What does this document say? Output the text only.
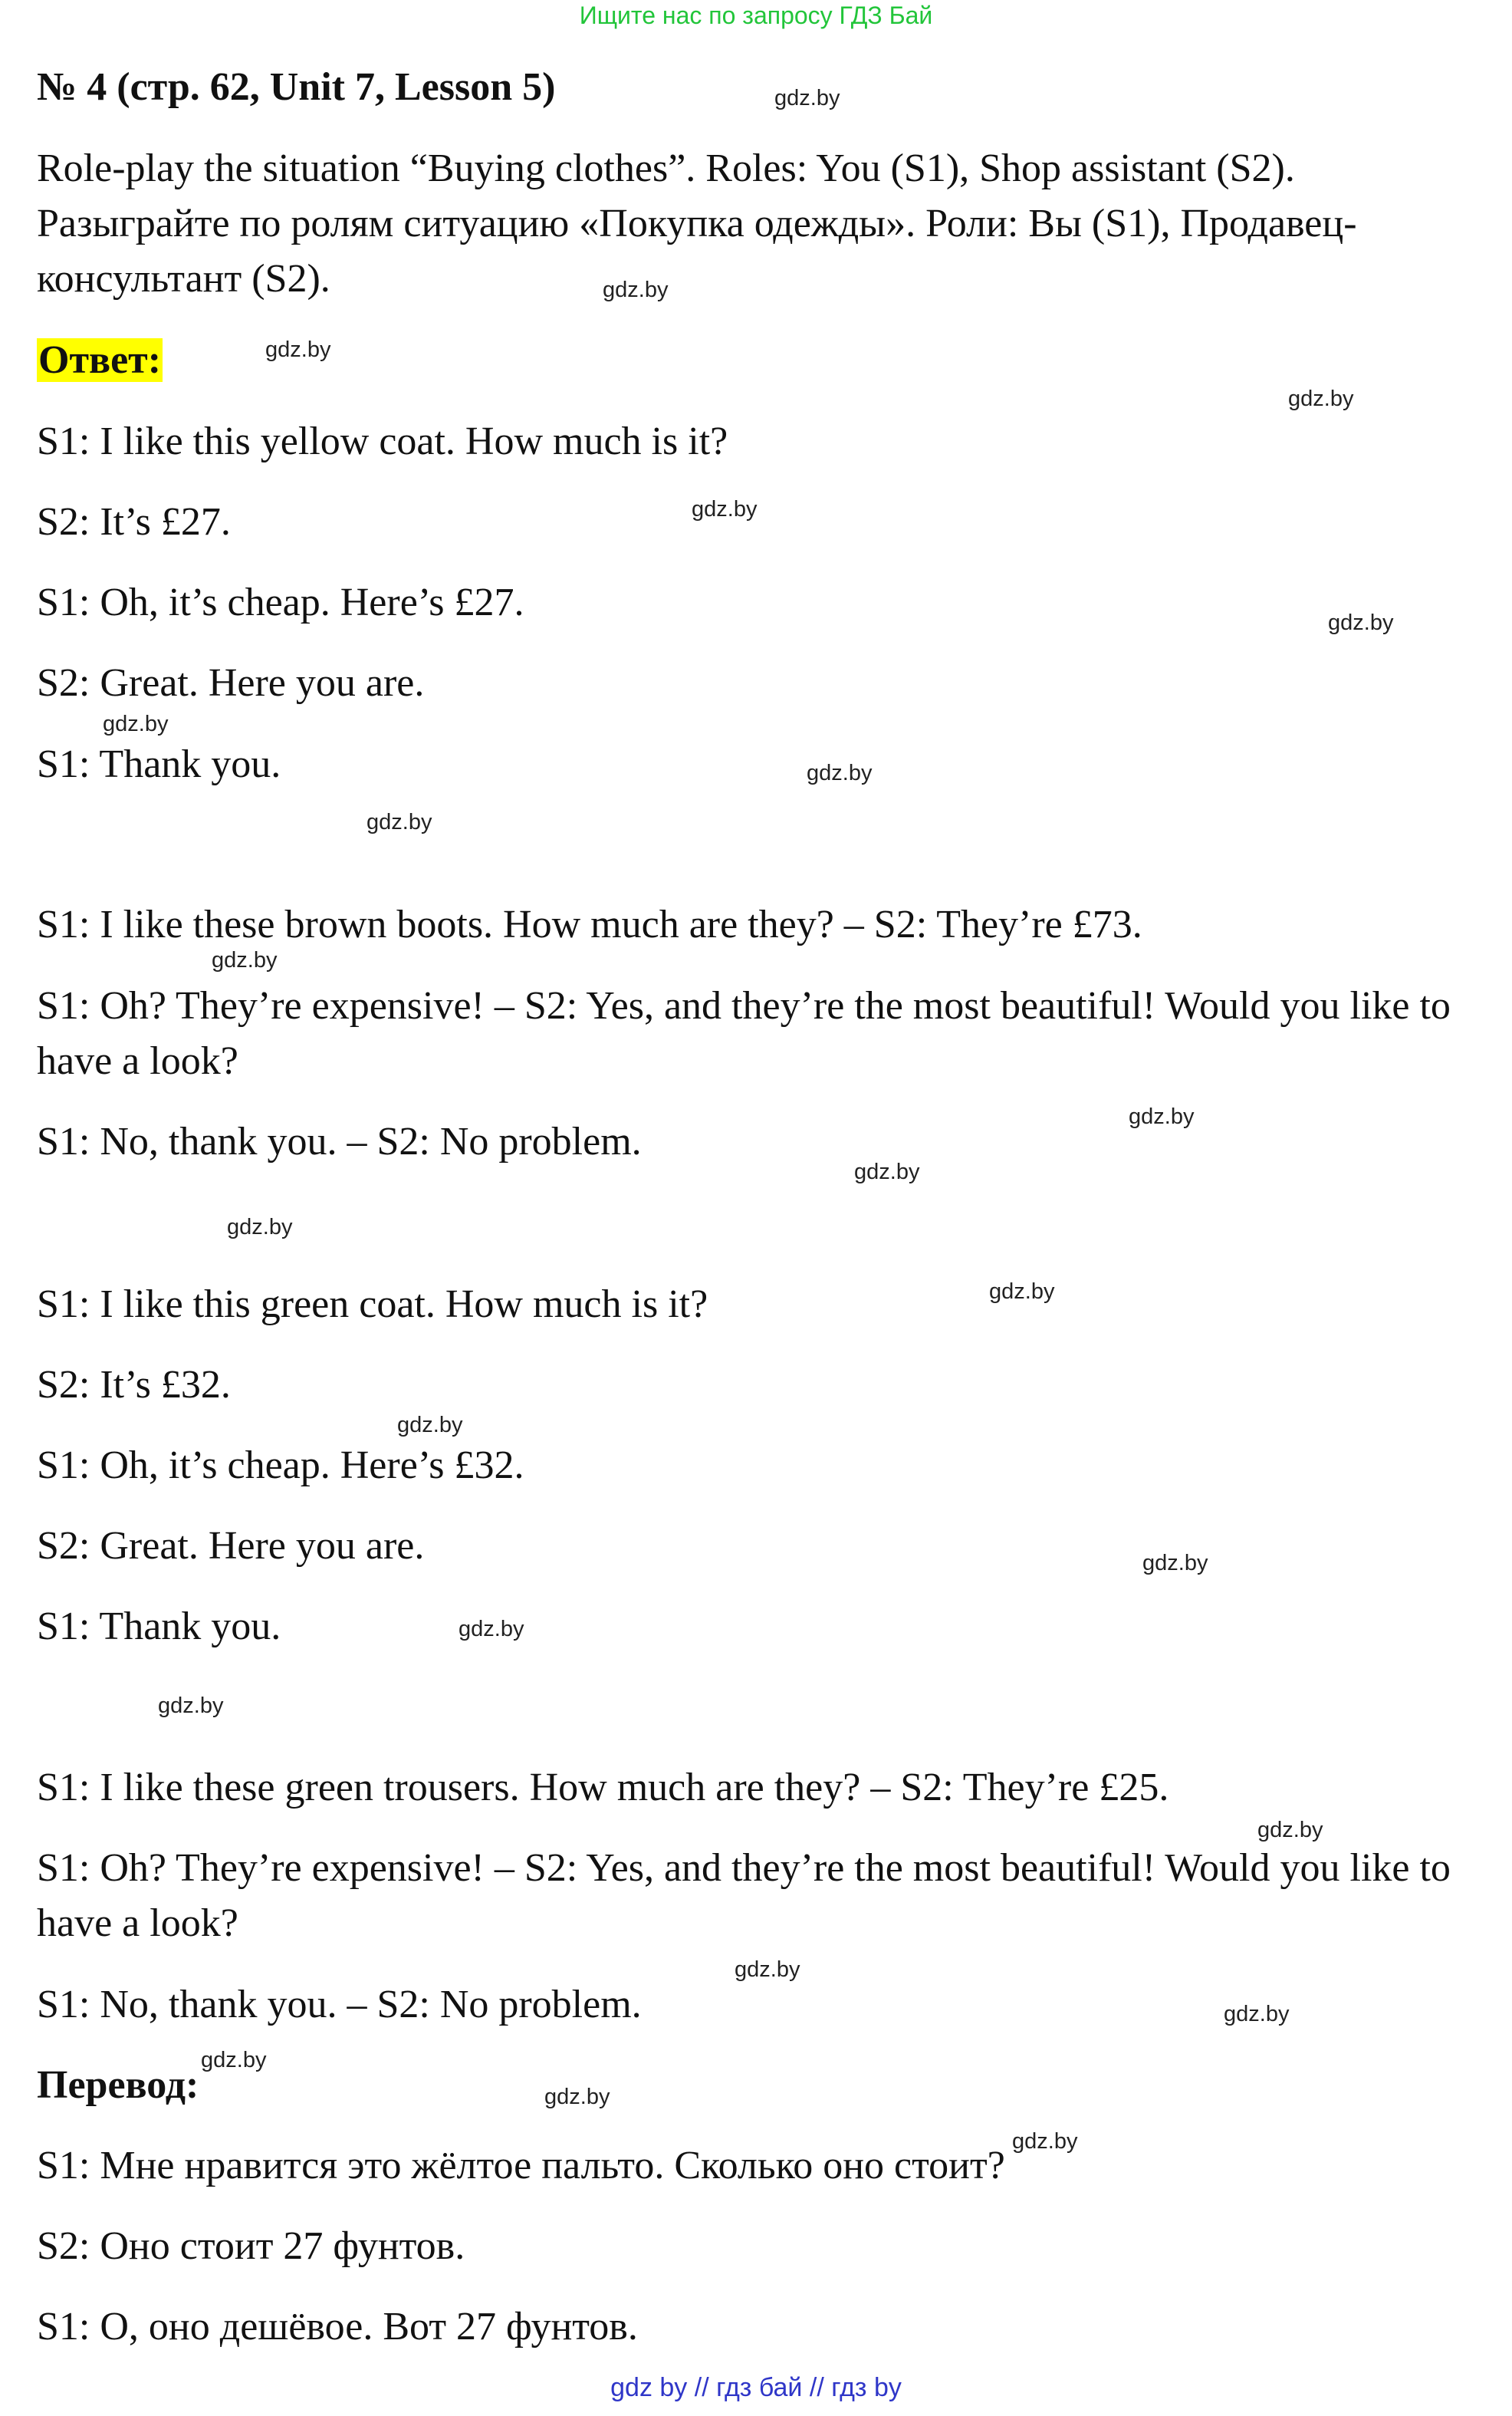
Ищите нас по запросу ГДЗ Бай
№ 4 (стр. 62, Unit 7, Lesson 5)
Role-play the situation “Buying clothes”. Roles: You (S1), Shop assistant (S2). Разыграйте по ролям ситуацию «Покупка одежды». Роли: Вы (S1), Продавец-консультант (S2).
Ответ:
S1: I like this yellow coat. How much is it?
S2: It’s £27.
S1: Oh, it’s cheap. Here’s £27.
S2: Great. Here you are.
S1: Thank you.
S1: I like these brown boots. How much are they? – S2: They’re £73.
S1: Oh? They’re expensive! – S2: Yes, and they’re the most beautiful! Would you like to have a look?
S1: No, thank you. – S2: No problem.
S1: I like this green coat. How much is it?
S2: It’s £32.
S1: Oh, it’s cheap. Here’s £32.
S2: Great. Here you are.
S1: Thank you.
S1: I like these green trousers. How much are they? – S2: They’re £25.
S1: Oh? They’re expensive! – S2: Yes, and they’re the most beautiful! Would you like to have a look?
S1: No, thank you. – S2: No problem.
Перевод:
S1: Мне нравится это жёлтое пальто. Сколько оно стоит?
S2: Оно стоит 27 фунтов.
S1: О, оно дешёвое. Вот 27 фунтов.
gdz.by
gdz.by
gdz.by
gdz.by
gdz.by
gdz.by
gdz.by
gdz.by
gdz.by
gdz.by
gdz.by
gdz.by
gdz.by
gdz.by
gdz.by
gdz.by
gdz.by
gdz.by
gdz.by
gdz.by
gdz.by
gdz.by
gdz.by
gdz.by
gdz by // гдз бай // гдз by
